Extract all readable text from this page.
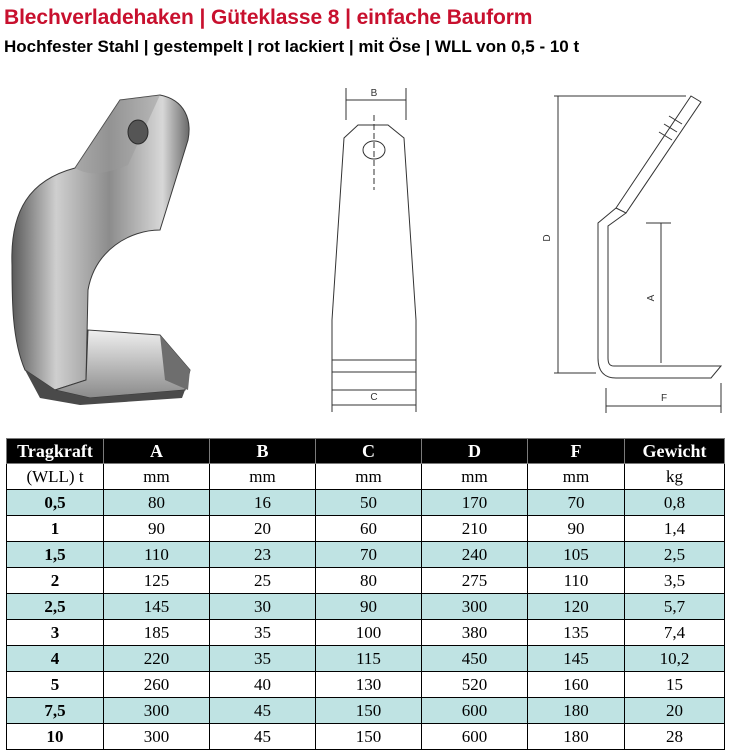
Blechverladehaken | Güteklasse 8 | einfache Bauform
Hochfester Stahl | gestempelt | rot lackiert | mit Öse | WLL von 0,5 - 10 t
B
C
D
A
F
Tragkraft	A	B	C	D	F	Gewicht
(WLL) t	mm	mm	mm	mm	mm	kg
0,5	80	16	50	170	70	0,8
1	90	20	60	210	90	1,4
1,5	110	23	70	240	105	2,5
2	125	25	80	275	110	3,5
2,5	145	30	90	300	120	5,7
3	185	35	100	380	135	7,4
4	220	35	115	450	145	10,2
5	260	40	130	520	160	15
7,5	300	45	150	600	180	20
10	300	45	150	600	180	28
